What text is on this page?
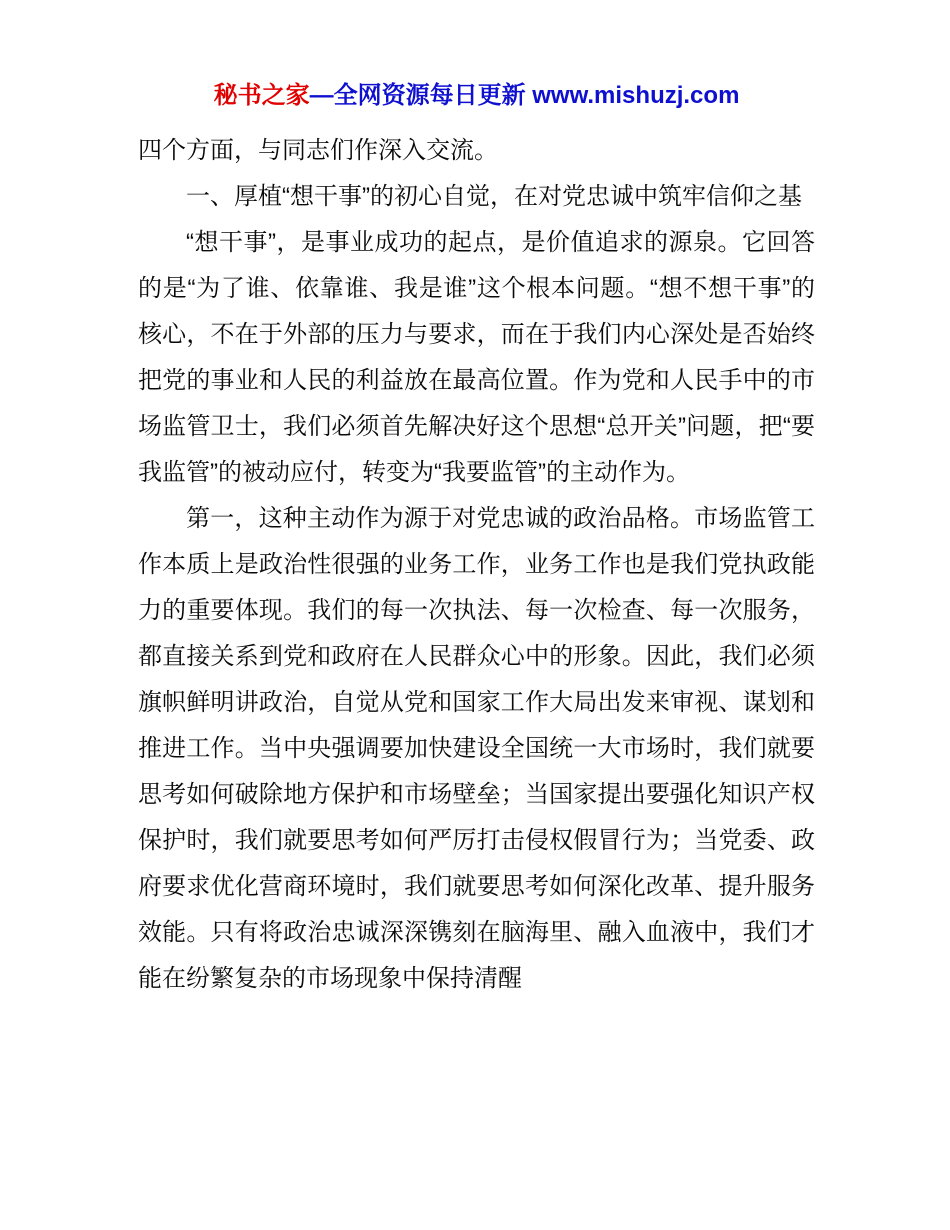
秘书之家—全网资源每日更新 www.mishuzj.com

四个方面，与同志们作深入交流。

一、厚植“想干事”的初心自觉，在对党忠诚中筑牢信仰之基

“想干事”，是事业成功的起点，是价值追求的源泉。它回答的是“为了谁、依靠谁、我是谁”这个根本问题。“想不想干事”的核心，不在于外部的压力与要求，而在于我们内心深处是否始终把党的事业和人民的利益放在最高位置。作为党和人民手中的市场监管卫士，我们必须首先解决好这个思想“总开关”问题，把“要我监管”的被动应付，转变为“我要监管”的主动作为。

第一，这种主动作为源于对党忠诚的政治品格。市场监管工作本质上是政治性很强的业务工作，业务工作也是我们党执政能力的重要体现。我们的每一次执法、每一次检查、每一次服务，都直接关系到党和政府在人民群众心中的形象。因此，我们必须旗帜鲜明讲政治，自觉从党和国家工作大局出发来审视、谋划和推进工作。当中央强调要加快建设全国统一大市场时，我们就要思考如何破除地方保护和市场壁垒；当国家提出要强化知识产权保护时，我们就要思考如何严厉打击侵权假冒行为；当党委、政府要求优化营商环境时，我们就要思考如何深化改革、提升服务效能。只有将政治忠诚深深镌刻在脑海里、融入血液中，我们才能在纷繁复杂的市场现象中保持清醒
